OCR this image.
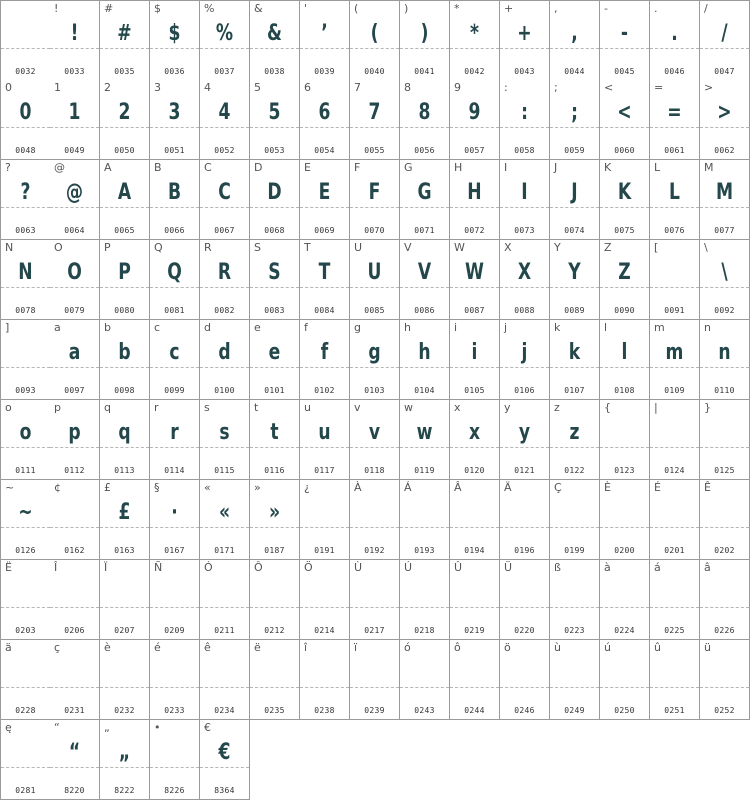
0032
!
!
0033
#
#
0035
$
$
0036
%
%
0037
&
&
0038
'
’
0039
(
(
0040
)
)
0041
*
*
0042
+
+
0043
,
,
0044
-
-
0045
.
.
0046
/
/
0047
0
0
0048
1
1
0049
2
2
0050
3
3
0051
4
4
0052
5
5
0053
6
6
0054
7
7
0055
8
8
0056
9
9
0057
:
:
0058
;
;
0059
<
<
0060
=
=
0061
>
>
0062
?
?
0063
@
@
0064
A
A
0065
B
B
0066
C
C
0067
D
D
0068
E
E
0069
F
F
0070
G
G
0071
H
H
0072
I
I
0073
J
J
0074
K
K
0075
L
L
0076
M
M
0077
N
N
0078
O
O
0079
P
P
0080
Q
Q
0081
R
R
0082
S
S
0083
T
T
0084
U
U
0085
V
V
0086
W
W
0087
X
X
0088
Y
Y
0089
Z
Z
0090
[
0091
\
\
0092
]
0093
a
a
0097
b
b
0098
c
c
0099
d
d
0100
e
e
0101
f
f
0102
g
g
0103
h
h
0104
i
i
0105
j
j
0106
k
k
0107
l
l
0108
m
m
0109
n
n
0110
o
o
0111
p
p
0112
q
q
0113
r
r
0114
s
s
0115
t
t
0116
u
u
0117
v
v
0118
w
w
0119
x
x
0120
y
y
0121
z
z
0122
{
0123
|
0124
}
0125
~
~
0126
¢
0162
£
£
0163
§
·
0167
«
«
0171
»
»
0187
¿
0191
À
0192
Á
0193
Â
0194
Ä
0196
Ç
0199
È
0200
É
0201
Ê
0202
Ë
0203
Î
0206
Ï
0207
Ñ
0209
Ó
0211
Ô
0212
Ö
0214
Ù
0217
Ú
0218
Û
0219
Ü
0220
ß
0223
à
0224
á
0225
â
0226
ä
0228
ç
0231
è
0232
é
0233
ê
0234
ë
0235
î
0238
ï
0239
ó
0243
ô
0244
ö
0246
ù
0249
ú
0250
û
0251
ü
0252
ę
0281
“
“
8220
„
„
8222
•
8226
€
€
8364
